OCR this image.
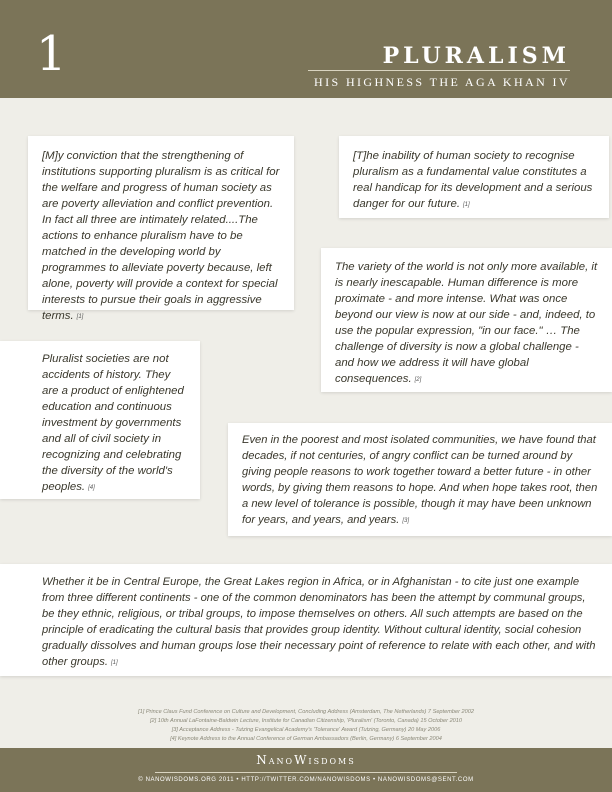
1	PLURALISM
HIS HIGHNESS THE AGA KHAN IV

[M]y conviction that the strengthening of institutions supporting pluralism is as critical for the welfare and progress of human society as are poverty alleviation and conflict prevention. In fact all three are intimately related....The actions to enhance pluralism have to be matched in the developing world by programmes to alleviate poverty because, left alone, poverty will provide a context for special interests to pursue their goals in aggressive terms. [1]

[T]he inability of human society to recognise pluralism as a fundamental value constitutes a real handicap for its development and a serious danger for our future. [1]

The variety of the world is not only more available, it is nearly inescapable. Human difference is more proximate - and more intense. What was once beyond our view is now at our side - and, indeed, to use the popular expression, "in our face." … The challenge of diversity is now a global challenge - and how we address it will have global consequences. [2]

Pluralist societies are not accidents of history. They are a product of enlightened education and continuous investment by governments and all of civil society in recognizing and celebrating the diversity of the world's peoples. [4]

Even in the poorest and most isolated communities, we have found that decades, if not centuries, of angry conflict can be turned around by giving people reasons to work together toward a better future - in other words, by giving them reasons to hope. And when hope takes root, then a new level of tolerance is possible, though it may have been unknown for years, and years, and years. [3]

Whether it be in Central Europe, the Great Lakes region in Africa, or in Afghanistan - to cite just one example from three different continents - one of the common denominators has been the attempt by communal groups, be they ethnic, religious, or tribal groups, to impose themselves on others. All such attempts are based on the principle of eradicating the cultural basis that provides group identity. Without cultural identity, social cohesion gradually dissolves and human groups lose their necessary point of reference to relate with each other, and with other groups. [1]

[1] Prince Claus Fund Conference on Culture and Development, Concluding Address (Amsterdam, The Netherlands) 7 September 2002
[2] 10th Annual LaFontaine-Baldwin Lecture, Institute for Canadian Citizenship, 'Pluralism' (Toronto, Canada) 15 October 2010
[3] Acceptance Address - Tutzing Evangelical Academy's 'Tolerance' Award (Tutzing, Germany) 20 May 2006
[4] Keynote Address to the Annual Conference of German Ambassadors (Berlin, Germany) 6 September 2004
NanoWisdoms
© NANOWISDOMS.ORG 2011 • HTTP://TWITTER.COM/NANOWISDOMS • NANOWISDOMS@SENT.COM
